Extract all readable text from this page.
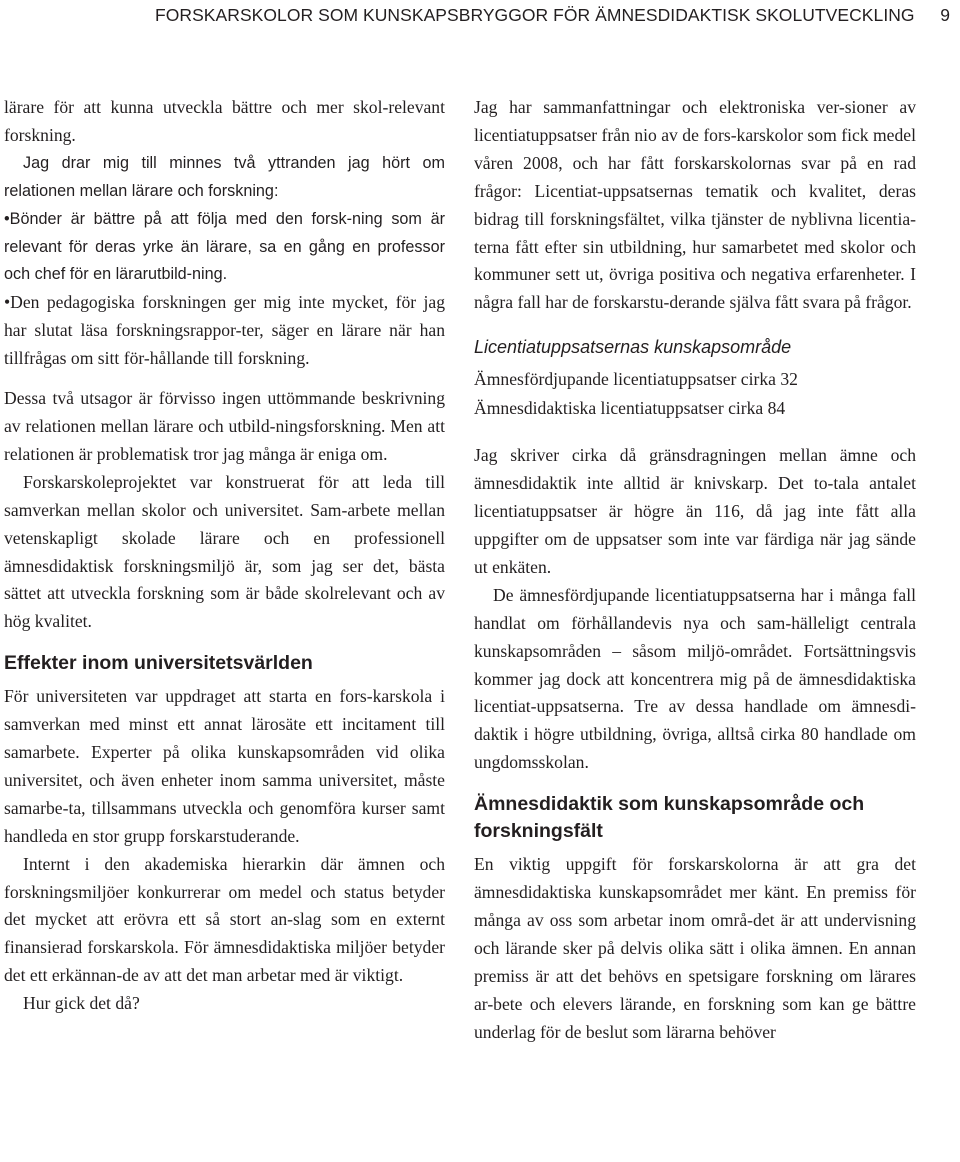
FORSKARSKOLOR SOM KUNSKAPSBRYGGOR FÖR ÄMNESDIDAKTISK SKOLUTVECKLING 9

lärare för att kunna utveckla bättre och mer skol-relevant forskning.

Jag drar mig till minnes två yttranden jag hört om relationen mellan lärare och forskning:

•Bönder är bättre på att följa med den forsk-ning som är relevant för deras yrke än lärare, sa en gång en professor och chef för en lärarutbild-ning.

•Den pedagogiska forskningen ger mig inte mycket, för jag har slutat läsa forskningsrappor-ter, säger en lärare när han tillfrågas om sitt för-hållande till forskning.

Dessa två utsagor är förvisso ingen uttömmande beskrivning av relationen mellan lärare och utbild-ningsforskning. Men att relationen är problematisk tror jag många är eniga om.

Forskarskoleprojektet var konstruerat för att leda till samverkan mellan skolor och universitet. Sam-arbete mellan vetenskapligt skolade lärare och en professionell ämnesdidaktisk forskningsmiljö är, som jag ser det, bästa sättet att utveckla forskning som är både skolrelevant och av hög kvalitet.

Effekter inom universitetsvärlden

För universiteten var uppdraget att starta en fors-karskola i samverkan med minst ett annat lärosäte ett incitament till samarbete. Experter på olika kunskapsområden vid olika universitet, och även enheter inom samma universitet, måste samarbe-ta, tillsammans utveckla och genomföra kurser samt handleda en stor grupp forskarstuderande.

Internt i den akademiska hierarkin där ämnen och forskningsmiljöer konkurrerar om medel och status betyder det mycket att erövra ett så stort an-slag som en externt finansierad forskarskola. För ämnesdidaktiska miljöer betyder det ett erkännan-de av att det man arbetar med är viktigt.

Hur gick det då?

Jag har sammanfattningar och elektroniska ver-sioner av licentiatuppsatser från nio av de fors-karskolor som fick medel våren 2008, och har fått forskarskolornas svar på en rad frågor: Licentiat-uppsatsernas tematik och kvalitet, deras bidrag till forskningsfältet, vilka tjänster de nyblivna licentia-terna fått efter sin utbildning, hur samarbetet med skolor och kommuner sett ut, övriga positiva och negativa erfarenheter. I några fall har de forskarstu-derande själva fått svara på frågor.

Licentiatuppsatsernas kunskapsområde

Ämnesfördjupande licentiatuppsatser cirka 32

Ämnesdidaktiska licentiatuppsatser cirka 84

Jag skriver cirka då gränsdragningen mellan ämne och ämnesdidaktik inte alltid är knivskarp. Det to-tala antalet licentiatuppsatser är högre än 116, då jag inte fått alla uppgifter om de uppsatser som inte var färdiga när jag sände ut enkäten.

De ämnesfördjupande licentiatuppsatserna har i många fall handlat om förhållandevis nya och sam-hälleligt centrala kunskapsområden – såsom miljö-området. Fortsättningsvis kommer jag dock att koncentrera mig på de ämnesdidaktiska licentiat-uppsatserna. Tre av dessa handlade om ämnesdi-daktik i högre utbildning, övriga, alltså cirka 80 handlade om ungdomsskolan.

Ämnesdidaktik som kunskapsområde och forskningsfält

En viktig uppgift för forskarskolorna är att gra det ämnesdidaktiska kunskapsområdet mer känt. En premiss för många av oss som arbetar inom områ-det är att undervisning och lärande sker på delvis olika sätt i olika ämnen. En annan premiss är att det behövs en spetsigare forskning om lärares ar-bete och elevers lärande, en forskning som kan ge bättre underlag för de beslut som lärarna behöver
